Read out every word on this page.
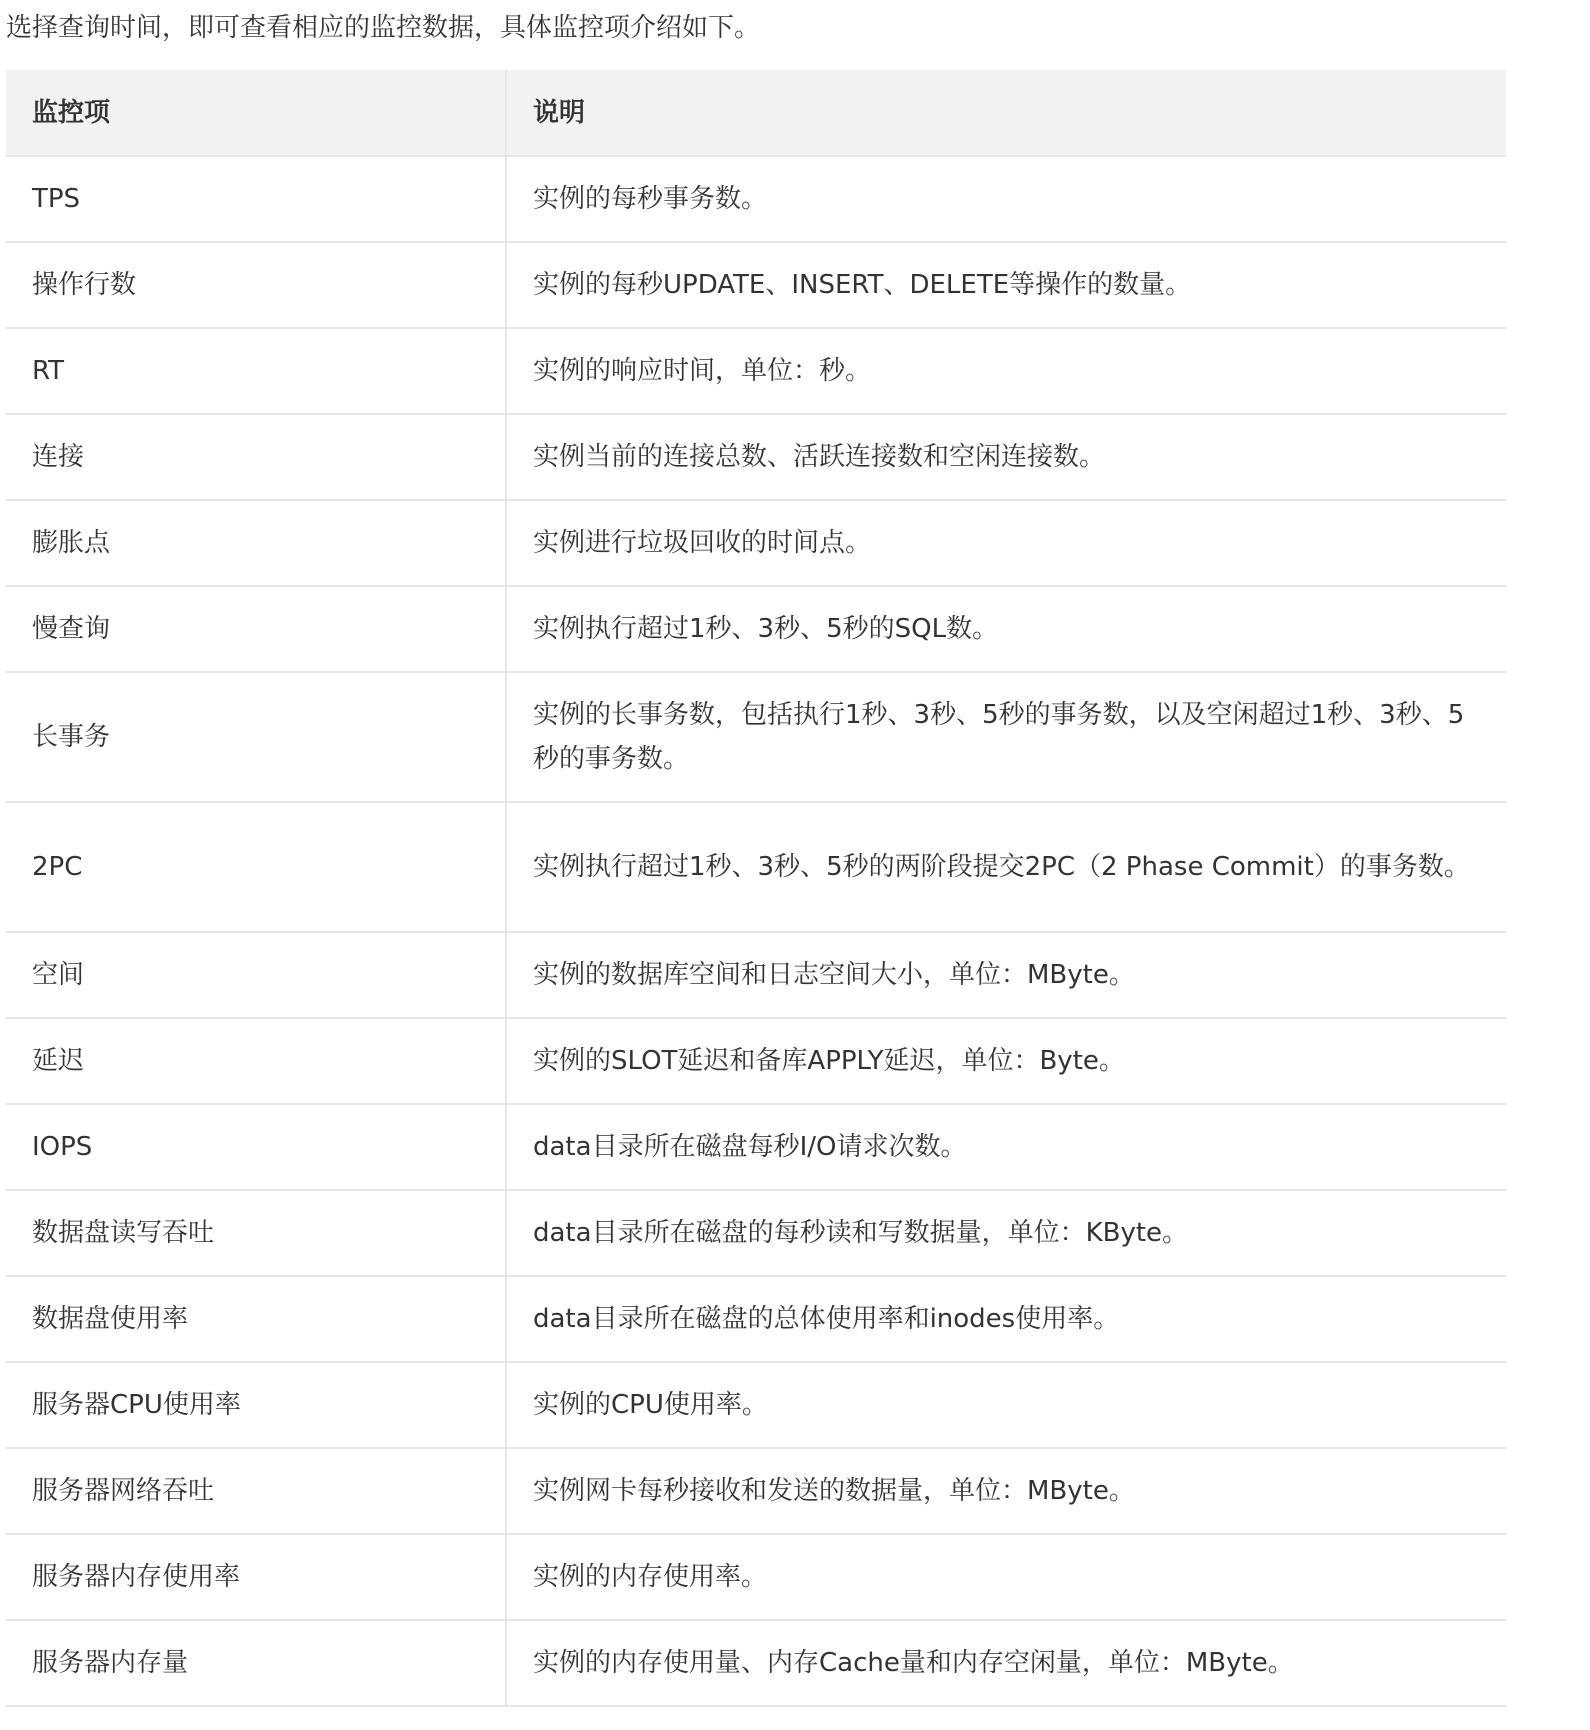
选择查询时间，即可查看相应的监控数据，具体监控项介绍如下。
监控项	说明
TPS	实例的每秒事务数。
操作行数	实例的每秒UPDATE、INSERT、DELETE等操作的数量。
RT	实例的响应时间，单位：秒。
连接	实例当前的连接总数、活跃连接数和空闲连接数。
膨胀点	实例进行垃圾回收的时间点。
慢查询	实例执行超过1秒、3秒、5秒的SQL数。
长事务	实例的长事务数，包括执行1秒、3秒、5秒的事务数，以及空闲超过1秒、3秒、5秒的事务数。
2PC	实例执行超过1秒、3秒、5秒的两阶段提交2PC（2 Phase Commit）的事务数。
空间	实例的数据库空间和日志空间大小，单位：MByte。
延迟	实例的SLOT延迟和备库APPLY延迟，单位：Byte。
IOPS	data目录所在磁盘每秒I/O请求次数。
数据盘读写吞吐	data目录所在磁盘的每秒读和写数据量，单位：KByte。
数据盘使用率	data目录所在磁盘的总体使用率和inodes使用率。
服务器CPU使用率	实例的CPU使用率。
服务器网络吞吐	实例网卡每秒接收和发送的数据量，单位：MByte。
服务器内存使用率	实例的内存使用率。
服务器内存量	实例的内存使用量、内存Cache量和内存空闲量，单位：MByte。
